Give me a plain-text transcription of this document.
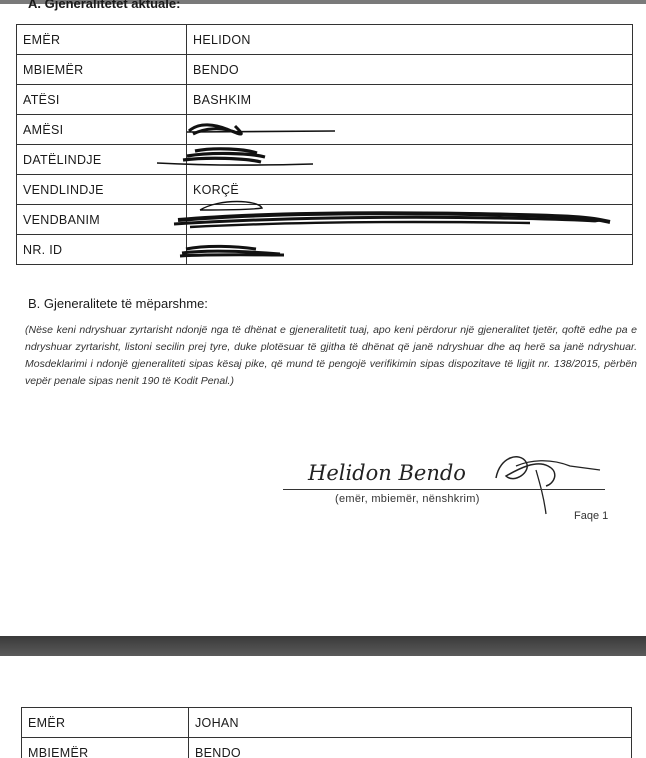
A. Gjeneralitetet aktuale:
EMËR	HELIDON
MBIEMËR	BENDO
ATËSI	BASHKIM
AMËSI	
DATËLINDJE	
VENDLINDJE	KORÇË
VENDBANIM	
NR. ID	
B. Gjeneralitete të mëparshme:
(Nëse keni ndryshuar zyrtarisht ndonjë nga të dhënat e gjeneralitetit tuaj, apo keni përdorur një gjeneralitet tjetër, qoftë edhe pa e ndryshuar zyrtarisht, listoni secilin prej tyre, duke plotësuar të gjitha të dhënat që janë ndryshuar dhe aq herë sa janë ndryshuar. Mosdeklarimi i ndonjë gjeneraliteti sipas kësaj pike, që mund të pengojë verifikimin sipas dispozitave të ligjit nr. 138/2015, përbën vepër penale sipas nenit 190 të Kodit Penal.)
Helidon Bendo
(emër, mbiemër, nënshkrim)
Faqe 1
EMËR	JOHAN
MBIEMËR	BENDO
